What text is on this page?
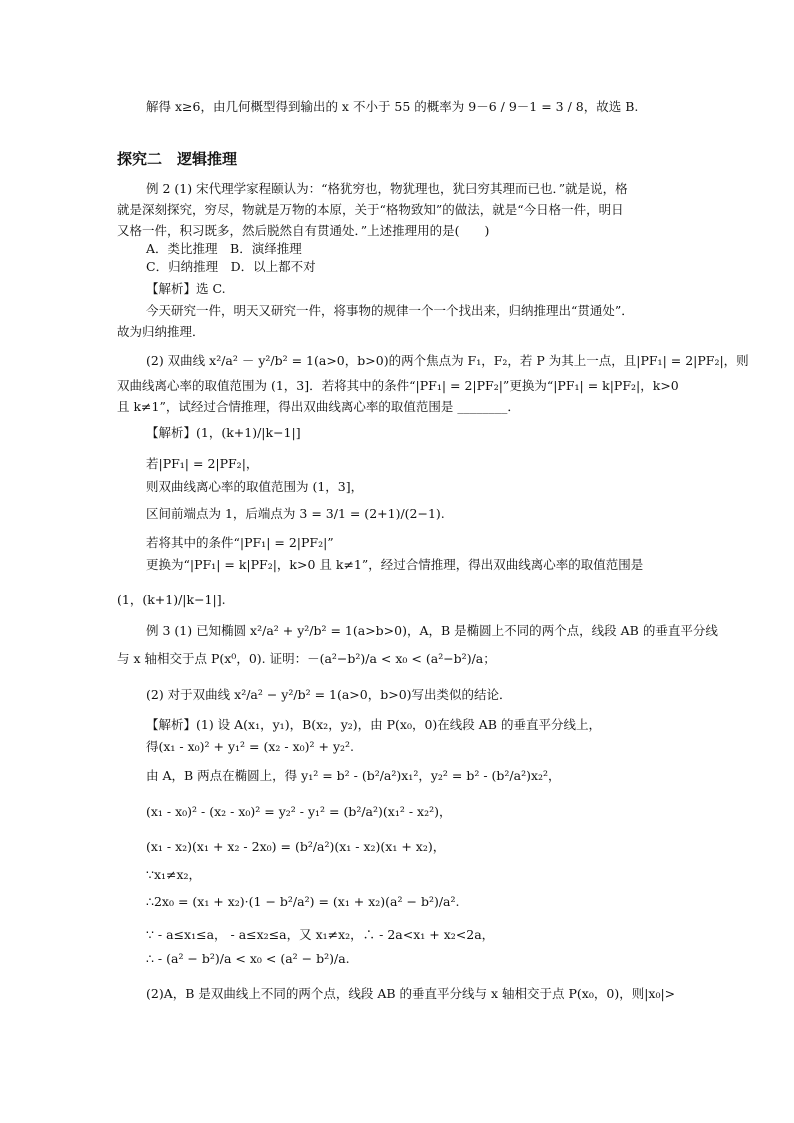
解得 x≥6，由几何概型得到输出的 x 不小于 55 的概率为 9－6 / 9－1 = 3 / 8，故选 B.
探究二　逻辑推理
例 2 (1) 宋代理学家程颐认为：“格犹穷也，物犹理也，犹曰穷其理而已也．”就是说，格
就是深刻探究，穷尽，物就是万物的本原，关于“格物致知”的做法，就是“今日格一件，明日
又格一件，积习既多，然后脱然自有贯通处．”上述推理用的是(　　)
A．类比推理　B．演绎推理
C．归纳推理　D．以上都不对
【解析】选 C.
今天研究一件，明天又研究一件，将事物的规律一个一个找出来，归纳推理出“贯通处”．
故为归纳推理．
(2) 双曲线 x²/a² － y²/b² = 1(a>0，b>0)的两个焦点为 F₁，F₂，若 P 为其上一点，且|PF₁| = 2|PF₂|，则
双曲线离心率的取值范围为 (1，3]．若将其中的条件“|PF₁| = 2|PF₂|”更换为“|PF₁| = k|PF₂|，k>0
且 k≠1”，试经过合情推理，得出双曲线离心率的取值范围是 ________．
【解析】(1，(k+1)/|k−1|]
若|PF₁| = 2|PF₂|，
则双曲线离心率的取值范围为 (1，3]，
区间前端点为 1，后端点为 3 = 3/1 = (2+1)/(2−1).
若将其中的条件“|PF₁| = 2|PF₂|”
更换为“|PF₁| = k|PF₂|，k>0 且 k≠1”，经过合情推理，得出双曲线离心率的取值范围是
(1，(k+1)/|k−1|].
例 3 (1) 已知椭圆 x²/a² + y²/b² = 1(a>b>0)，A，B 是椭圆上不同的两个点，线段 AB 的垂直平分线
与 x 轴相交于点 P(x⁰，0). 证明：－(a²−b²)/a < x₀ < (a²−b²)/a；
(2) 对于双曲线 x²/a² − y²/b² = 1(a>0，b>0)写出类似的结论．
【解析】(1) 设 A(x₁，y₁)，B(x₂，y₂)，由 P(x₀，0)在线段 AB 的垂直平分线上，
得(x₁ - x₀)² + y₁² = (x₂ - x₀)² + y₂².
由 A，B 两点在椭圆上，得 y₁² = b² - (b²/a²)x₁²，y₂² = b² - (b²/a²)x₂²，
(x₁ - x₀)² - (x₂ - x₀)² = y₂² - y₁² = (b²/a²)(x₁² - x₂²)，
(x₁ - x₂)(x₁ + x₂ - 2x₀) = (b²/a²)(x₁ - x₂)(x₁ + x₂)，
∵x₁≠x₂，
∴2x₀ = (x₁ + x₂)·(1 − b²/a²) = (x₁ + x₂)(a² − b²)/a².
∵ - a≤x₁≤a， - a≤x₂≤a，又 x₁≠x₂，∴ - 2a<x₁ + x₂<2a，
∴ - (a² − b²)/a < x₀ < (a² − b²)/a.
(2)A，B 是双曲线上不同的两个点，线段 AB 的垂直平分线与 x 轴相交于点 P(x₀，0)，则|x₀|>
